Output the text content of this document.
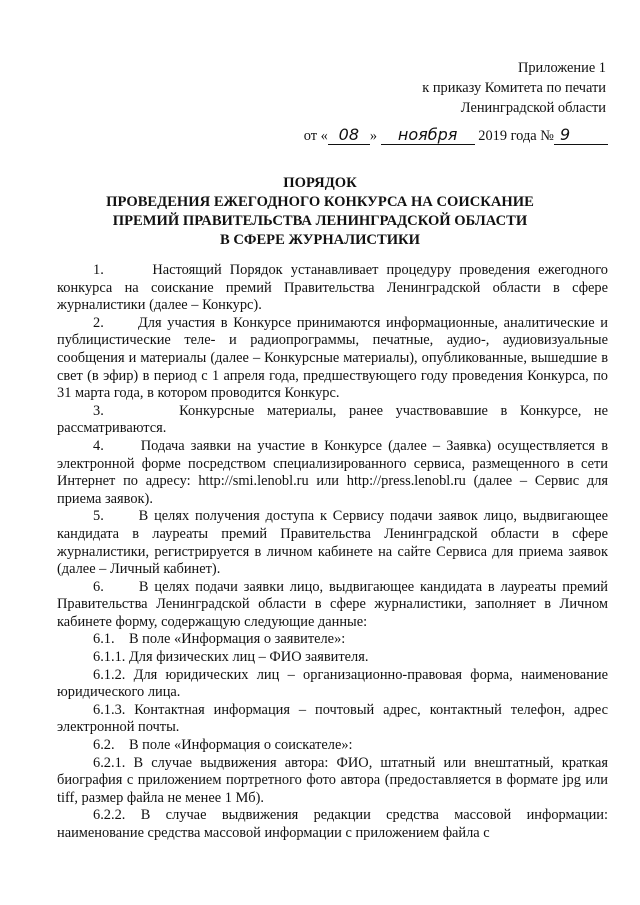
Приложение 1
к приказу Комитета по печати
Ленинградской области
от « 08 » ноября 2019 года № 9
ПОРЯДОК
ПРОВЕДЕНИЯ ЕЖЕГОДНОГО КОНКУРСА НА СОИСКАНИЕ
ПРЕМИЙ ПРАВИТЕЛЬСТВА ЛЕНИНГРАДСКОЙ ОБЛАСТИ
В СФЕРЕ ЖУРНАЛИСТИКИ

1.      Настоящий Порядок устанавливает процедуру проведения ежегодного конкурса на соискание премий Правительства Ленинградской области в сфере журналистики (далее – Конкурс).

2.      Для участия в Конкурсе принимаются информационные, аналитические и публицистические теле- и радиопрограммы, печатные, аудио-, аудиовизуальные сообщения и материалы (далее – Конкурсные материалы), опубликованные, вышедшие в свет (в эфир) в период с 1 апреля года, предшествующего году проведения Конкурса, по 31 марта года, в котором проводится Конкурс.

3.      Конкурсные материалы, ранее участвовавшие в Конкурсе, не рассматриваются.

4.      Подача заявки на участие в Конкурсе (далее – Заявка) осуществляется в электронной форме посредством специализированного сервиса, размещенного в сети Интернет по адресу: http://smi.lenobl.ru или http://press.lenobl.ru (далее – Сервис для приема заявок).

5.      В целях получения доступа к Сервису подачи заявок лицо, выдвигающее кандидата в лауреаты премий Правительства Ленинградской области в сфере журналистики, регистрируется в личном кабинете на сайте Сервиса для приема заявок (далее – Личный кабинет).

6.      В целях подачи заявки лицо, выдвигающее кандидата в лауреаты премий Правительства Ленинградской области в сфере журналистики, заполняет в Личном кабинете форму, содержащую следующие данные:

6.1.    В поле «Информация о заявителе»:

6.1.1. Для физических лиц – ФИО заявителя.

6.1.2. Для юридических лиц – организационно-правовая форма, наименование юридического лица.

6.1.3. Контактная информация – почтовый адрес, контактный телефон, адрес электронной почты.

6.2.    В поле «Информация о соискателе»:

6.2.1. В случае выдвижения автора: ФИО, штатный или внештатный, краткая биография с приложением портретного фото автора (предоставляется в формате jpg или tiff, размер файла не менее 1 Мб).

6.2.2. В случае выдвижения редакции средства массовой информации: наименование средства массовой информации с приложением файла с
